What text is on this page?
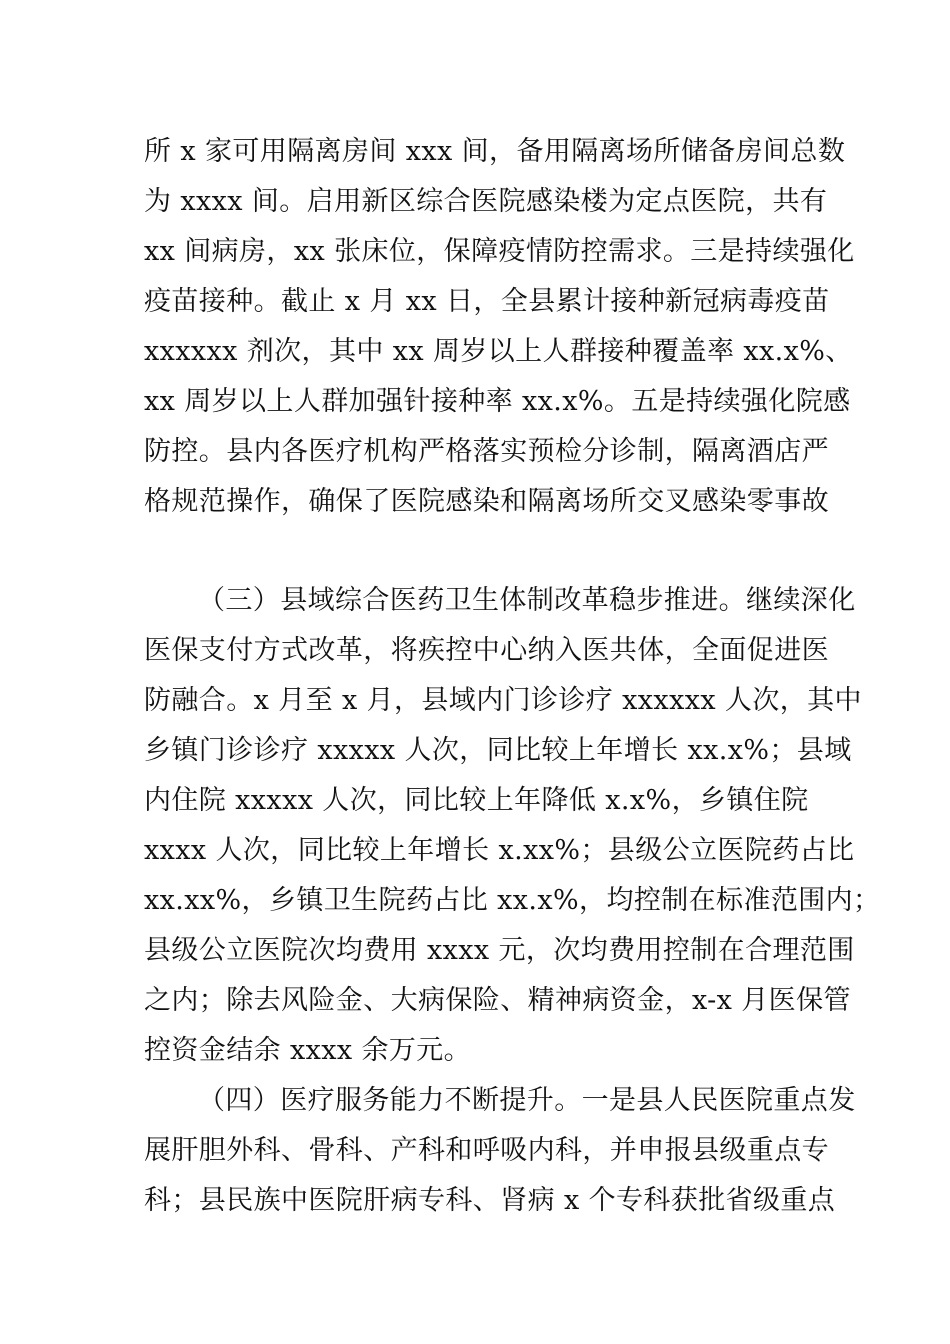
所 x 家可用隔离房间 xxx 间，备用隔离场所储备房间总数
为 xxxx 间。启用新区综合医院感染楼为定点医院，共有
xx 间病房，xx 张床位，保障疫情防控需求。三是持续强化
疫苗接种。截止 x 月 xx 日，全县累计接种新冠病毒疫苗
xxxxxx 剂次，其中 xx 周岁以上人群接种覆盖率 xx.x%、
xx 周岁以上人群加强针接种率 xx.x%。五是持续强化院感
防控。县内各医疗机构严格落实预检分诊制，隔离酒店严
格规范操作，确保了医院感染和隔离场所交叉感染零事故
（三）县域综合医药卫生体制改革稳步推进。继续深化
医保支付方式改革，将疾控中心纳入医共体，全面促进医
防融合。x 月至 x 月，县域内门诊诊疗 xxxxxx 人次，其中
乡镇门诊诊疗 xxxxx 人次，同比较上年增长 xx.x%；县域
内住院 xxxxx 人次，同比较上年降低 x.x%，乡镇住院
xxxx 人次，同比较上年增长 x.xx%；县级公立医院药占比
xx.xx%，乡镇卫生院药占比 xx.x%，均控制在标准范围内；
县级公立医院次均费用 xxxx 元，次均费用控制在合理范围
之内；除去风险金、大病保险、精神病资金，x-x 月医保管
控资金结余 xxxx 余万元。
（四）医疗服务能力不断提升。一是县人民医院重点发
展肝胆外科、骨科、产科和呼吸内科，并申报县级重点专
科；县民族中医院肝病专科、肾病 x 个专科获批省级重点
